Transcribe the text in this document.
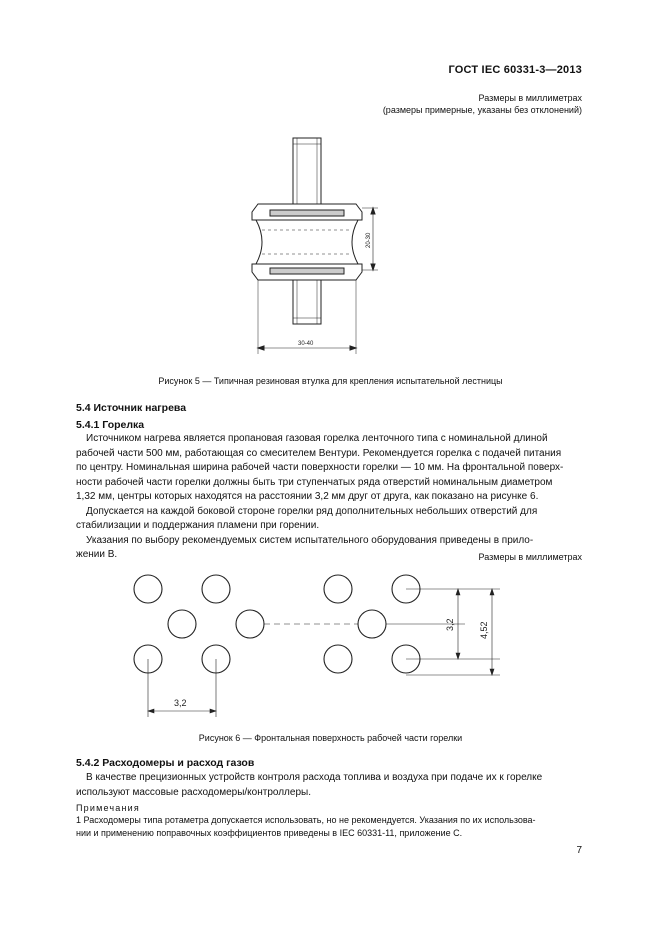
ГОСТ IEC 60331-3—2013
Размеры в миллиметрах
(размеры примерные, указаны без отклонений)
20-30
30-40
Рисунок 5 — Типичная резиновая втулка для крепления испытательной лестницы
5.4 Источник нагрева
5.4.1 Горелка

Источником нагрева является пропановая газовая горелка ленточного типа с номинальной длиной

рабочей части 500 мм, работающая со смесителем Вентури. Рекомендуется горелка с подачей питания

по центру. Номинальная ширина рабочей части поверхности горелки — 10 мм. На фронтальной поверх-

ности рабочей части горелки должны быть три ступенчатых ряда отверстий номинальным диаметром

1,32 мм, центры которых находятся на расстоянии 3,2 мм друг от друга, как показано на рисунке 6.

Допускается на каждой боковой стороне горелки ряд дополнительных небольших отверстий для

стабилизации и поддержания пламени при горении.

Указания по выбору рекомендуемых систем испытательного оборудования приведены в прило-

жении В.	Размеры в миллиметрах
3,2	4,52
3,2
Рисунок 6 — Фронтальная поверхность рабочей части горелки
5.4.2 Расходомеры и расход газов

В качестве прецизионных устройств контроля расхода топлива и воздуха при подаче их к горелке

используют массовые расходомеры/контроллеры.

Примечания

1 Расходомеры типа ротаметра допускается использовать, но не рекомендуется. Указания по их использова-

нии и применению поправочных коэффициентов приведены в IEC 60331-11, приложение С.

7
